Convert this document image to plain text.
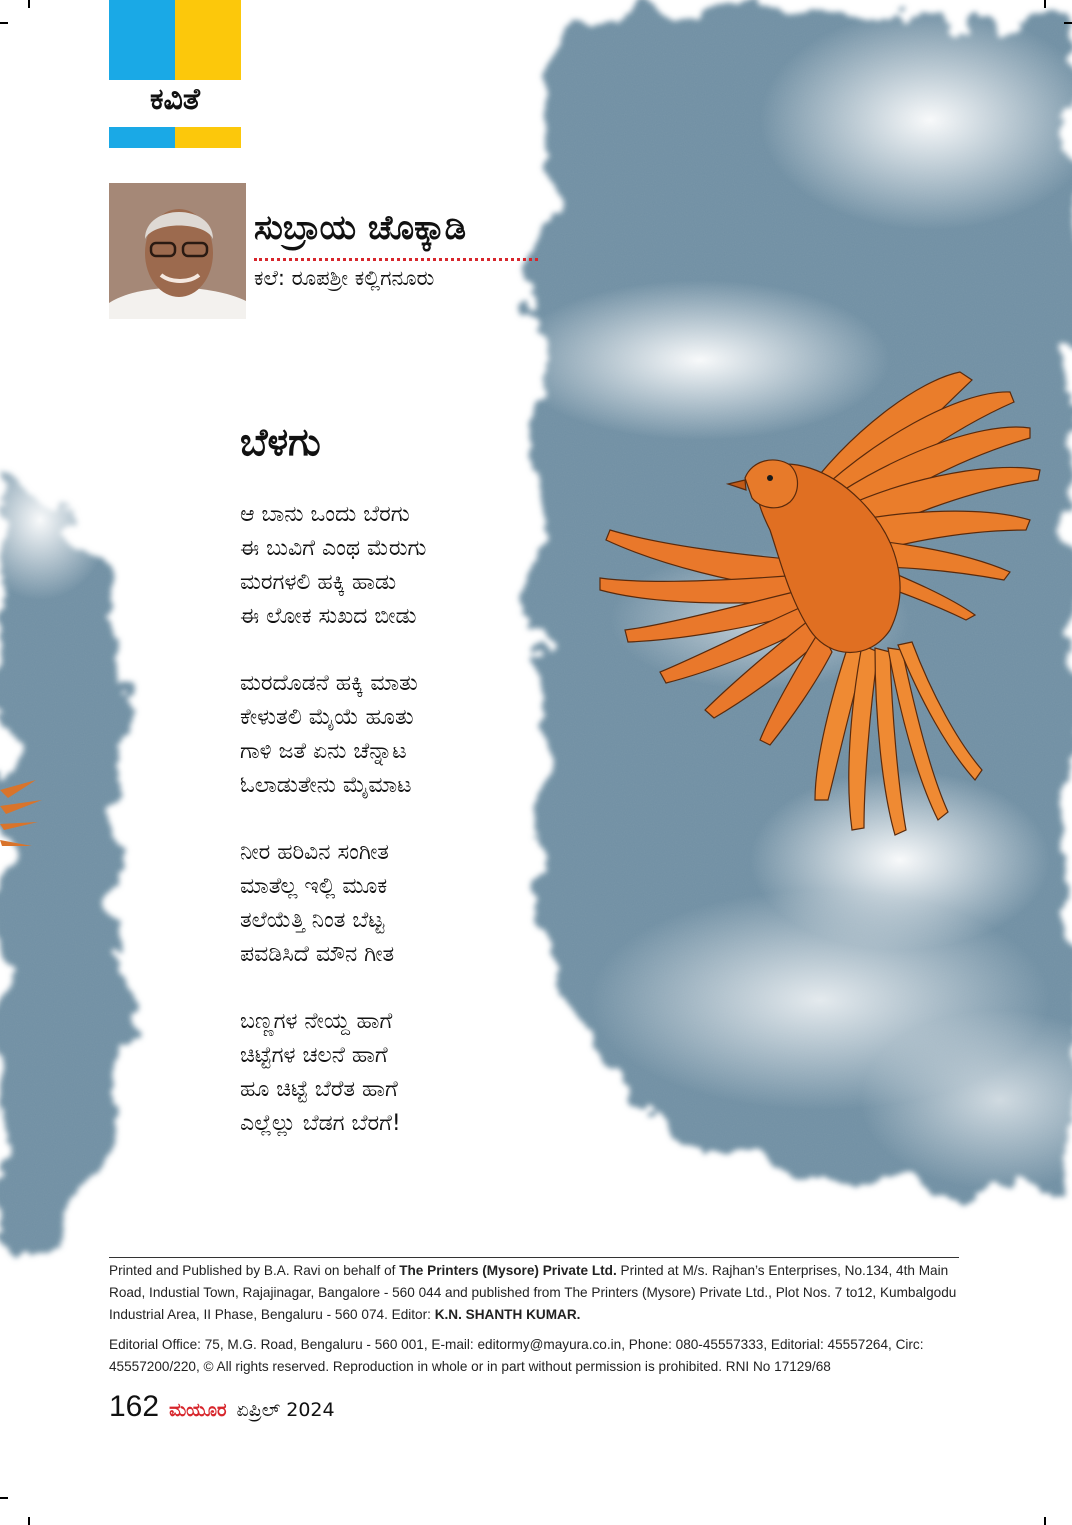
ಕವಿತೆ
ಸುಬ್ರಾಯ ಚೊಕ್ಕಾಡಿ
ಕಲೆ: ರೂಪಶ್ರೀ ಕಲ್ಲಿಗನೂರು
ಬೆಳಗು
ಆ ಬಾನು ಒಂದು ಬೆರಗು
ಈ ಬುವಿಗೆ ಎಂಥ ಮೆರುಗು
ಮರಗಳಲಿ ಹಕ್ಕಿ ಹಾಡು
ಈ ಲೋಕ ಸುಖದ ಬೀಡು
ಮರದೊಡನೆ ಹಕ್ಕಿ ಮಾತು
ಕೇಳುತಲಿ ಮೈಯೆ ಹೂತು
ಗಾಳಿ ಜತೆ ಏನು ಚೆನ್ನಾಟ
ಓಲಾಡುತೇನು ಮೈಮಾಟ
ನೀರ ಹರಿವಿನ ಸಂಗೀತ
ಮಾತೆಲ್ಲ ಇಲ್ಲಿ ಮೂಕ
ತಲೆಯೆತ್ತಿ ನಿಂತ ಬೆಟ್ಟ
ಪವಡಿಸಿದೆ ಮೌನ ಗೀತ
ಬಣ್ಣಗಳ ನೇಯ್ದ ಹಾಗೆ
ಚಿಟ್ಟೆಗಳ ಚಲನೆ ಹಾಗೆ
ಹೂ ಚಿಟ್ಟೆ ಬೆರೆತ ಹಾಗೆ
ಎಲ್ಲೆಲ್ಲು ಬೆಡಗ ಬೆರಗೆ!

Printed and Published by B.A. Ravi on behalf of The Printers (Mysore) Private Ltd. Printed at M/s. Rajhan’s Enterprises, No.134, 4th Main Road, Industial Town, Rajajinagar, Bangalore - 560 044 and published from The Printers (Mysore) Private Ltd., Plot Nos. 7 to12, Kumbalgodu Industrial Area, II Phase, Bengaluru - 560 074. Editor: K.N. SHANTH KUMAR.

Editorial Office: 75, M.G. Road, Bengaluru - 560 001, E-mail: editormy@mayura.co.in, Phone: 080-45557333, Editorial: 45557264, Circ: 45557200/220, © All rights reserved. Reproduction in whole or in part without permission is prohibited. RNI No 17129/68

162 ಮಯೂರ ಏಪ್ರಿಲ್ 2024
